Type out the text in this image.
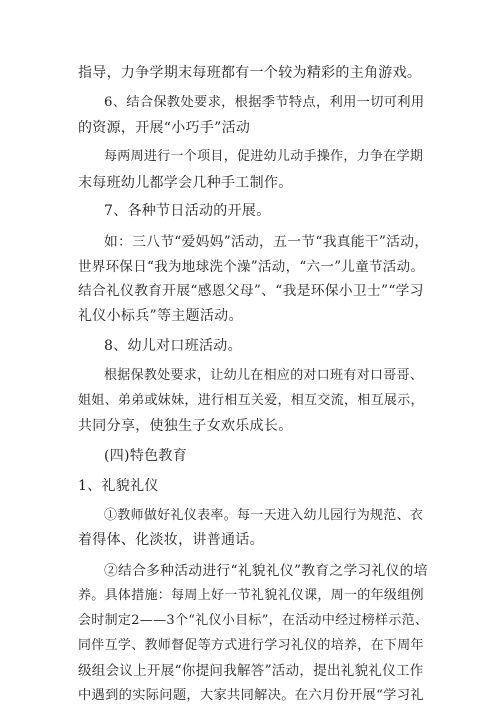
指导，力争学期末每班都有一个较为精彩的主角游戏。
6、结合保教处要求，根据季节特点，利用一切可利用
的资源，开展“小巧手”活动
每两周进行一个项目，促进幼儿动手操作，力争在学期
末每班幼儿都学会几种手工制作。
7、各种节日活动的开展。
如：三八节“爱妈妈”活动，五一节“我真能干”活动，
世界环保日“我为地球洗个澡”活动，“六一”儿童节活动。
结合礼仪教育开展“感恩父母”、“我是环保小卫士”“学习
礼仪小标兵”等主题活动。
8、幼儿对口班活动。
根据保教处要求，让幼儿在相应的对口班有对口哥哥、
姐姐、弟弟或妹妹，进行相互关爱，相互交流，相互展示，
共同分享，使独生子女欢乐成长。
(四)特色教育
1、礼貌礼仪
①教师做好礼仪表率。每一天进入幼儿园行为规范、衣
着得体、化淡妆，讲普通话。
②结合多种活动进行“礼貌礼仪”教育之学习礼仪的培
养。具体措施：每周上好一节礼貌礼仪课，周一的年级组例
会时制定2——3个“礼仪小目标”，在活动中经过榜样示范、
同伴互学、教师督促等方式进行学习礼仪的培养，在下周年
级组会议上开展“你提问我解答”活动，提出礼貌礼仪工作
中遇到的实际问题，大家共同解决。在六月份开展“学习礼
